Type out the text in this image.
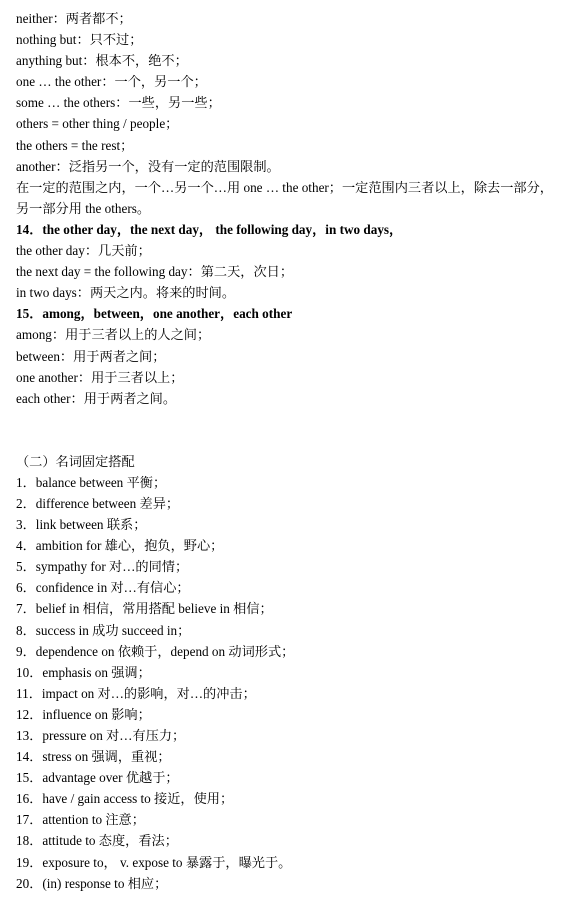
neither：两者都不；
nothing but：只不过；
anything but：根本不，绝不；
one … the other：一个，另一个；
some … the others：一些，另一些；
others = other thing / people；
the others = the rest；
another：泛指另一个，没有一定的范围限制。
在一定的范围之内，一个…另一个…用 one … the other；一定范围内三者以上，除去一部分，另一部分用 the others。
14．the other day，the next day， the following day，in two days，
the other day：几天前；
the next day = the following day：第二天，次日；
in two days：两天之内。将来的时间。
15．among，between，one another，each other
among：用于三者以上的人之间；
between：用于两者之间；
one another：用于三者以上；
each other：用于两者之间。
（二）名词固定搭配
1．balance between 平衡；
2．difference between 差异；
3．link between 联系；
4．ambition for 雄心，抱负，野心；
5．sympathy for 对…的同情；
6．confidence in 对…有信心；
7．belief in 相信，常用搭配 believe in 相信；
8．success in 成功 succeed in；
9．dependence on 依赖于，depend on 动词形式；
10．emphasis on 强调；
11．impact on 对…的影响，对…的冲击；
12．influence on 影响；
13．pressure on 对…有压力；
14．stress on 强调，重视；
15．advantage over 优越于；
16．have / gain access to 接近，使用；
17．attention to 注意；
18．attitude to 态度，看法；
19．exposure to， v. expose to 暴露于，曝光于。
20．(in) response to 相应；
